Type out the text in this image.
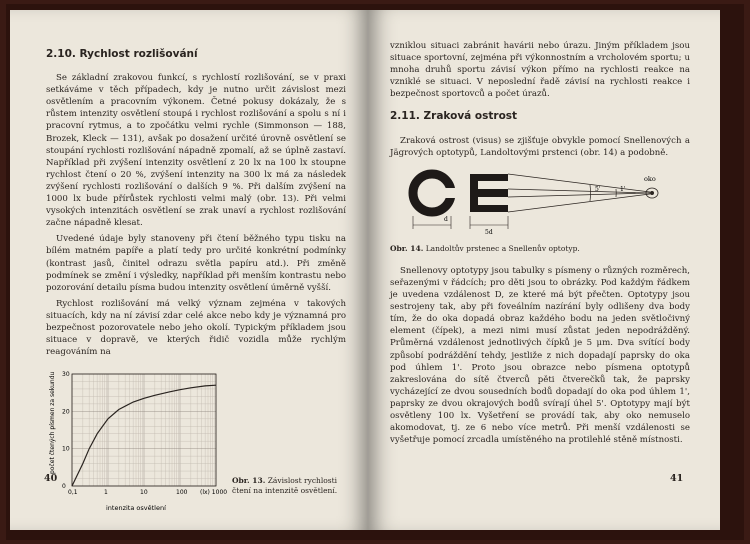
2.10. Rychlost rozlišování

Se základní zrakovou funkcí, s rychlostí rozlišování, se v praxi setkáváme v těch případech, kdy je nutno určit závislost mezi osvětlením a pracovním výkonem. Četné pokusy dokázaly, že s růstem intenzity osvětlení stoupá i rychlost rozlišování a spolu s ní i pracovní rytmus, a to zpočátku velmi rychle (Simmonson — 188, Brozek, Kleck — 131), avšak po dosažení určité úrovně osvětlení se stoupání rychlosti rozlišování nápadně zpomalí, až se úplně zastaví. Například při zvýšení intenzity osvětlení z 20 lx na 100 lx stoupne rychlost čtení o 20 %, zvýšení intenzity na 300 lx má za následek zvýšení rychlosti rozlišování o dalších 9 %. Při dalším zvýšení na 1000 lx bude přírůstek rychlosti velmi malý (obr. 13). Při velmi vysokých intenzitách osvětlení se zrak unaví a rychlost rozlišování začne nápadně klesat.

Uvedené údaje byly stanoveny při čtení běžného typu tisku na bílém matném papíře a platí tedy pro určité konkrétní podmínky (kontrast jasů, činitel odrazu světla papíru atd.). Při změně podmínek se změní i výsledky, například při menším kontrastu nebo pozorování detailu písma budou intenzity osvětlení úměrně vyšší.

Rychlost rozlišování má velký význam zejména v takových situacích, kdy na ní závisí zdar celé akce nebo kdy je významná pro bezpečnost pozorovatele nebo jeho okolí. Typickým příkladem jsou situace v dopravě, ve kterých řidič vozidla může rychlým reagováním na

0,1	1	10	100 (lx) 1000
0
10
20
30
intenzita osvětlení
počet čtených písmen za sekundu
Obr. 13. Závislost rychlosti čtení na intenzitě osvětlení.
40

vzniklou situaci zabránit havárii nebo úrazu. Jiným příkladem jsou situace sportovní, zejména při výkonnostním a vrcholovém sportu; u mnoha druhů sportu závisí výkon přímo na rychlosti reakce na vzniklé se situaci. V neposlední řadě závisí na rychlosti reakce i bezpečnost sportovců a počet úrazů.

2.11. Zraková ostrost

Zraková ostrost (visus) se zjišťuje obvykle pomocí Snellenových a Jägrových optotypů, Landoltovými prstenci (obr. 14) a podobně.

oko
5'	1'
d
5d
Obr. 14. Landoltův prstenec a Snellenův optotyp.

Snellenovy optotypy jsou tabulky s písmeny o různých rozměrech, seřazenými v řádcích; pro děti jsou to obrázky. Pod každým řádkem je uvedena vzdálenost D, ze které má být přečten. Optotypy jsou sestrojeny tak, aby při foveálním nazírání byly odlišeny dva body tím, že do oka dopadá obraz každého bodu na jeden světločivný element (čípek), a mezi nimi musí zůstat jeden nepodrážděný. Průměrná vzdálenost jednotlivých čípků je 5 μm. Dva svítící body způsobí podráždění tehdy, jestliže z nich dopadají paprsky do oka pod úhlem 1'. Proto jsou obrazce nebo písmena optotypů zakreslována do sítě čtverců pěti čtverečků tak, že paprsky vycházející ze dvou sousedních bodů dopadají do oka pod úhlem 1', paprsky ze dvou okrajových bodů svírají úhel 5'. Optotypy mají být osvětleny 100 lx. Vyšetření se provádí tak, aby oko nemuselo akomodovat, tj. ze 6 nebo více metrů. Při menší vzdálenosti se vyšetřuje pomocí zrcadla umístěného na protilehlé stěně místnosti.

41
